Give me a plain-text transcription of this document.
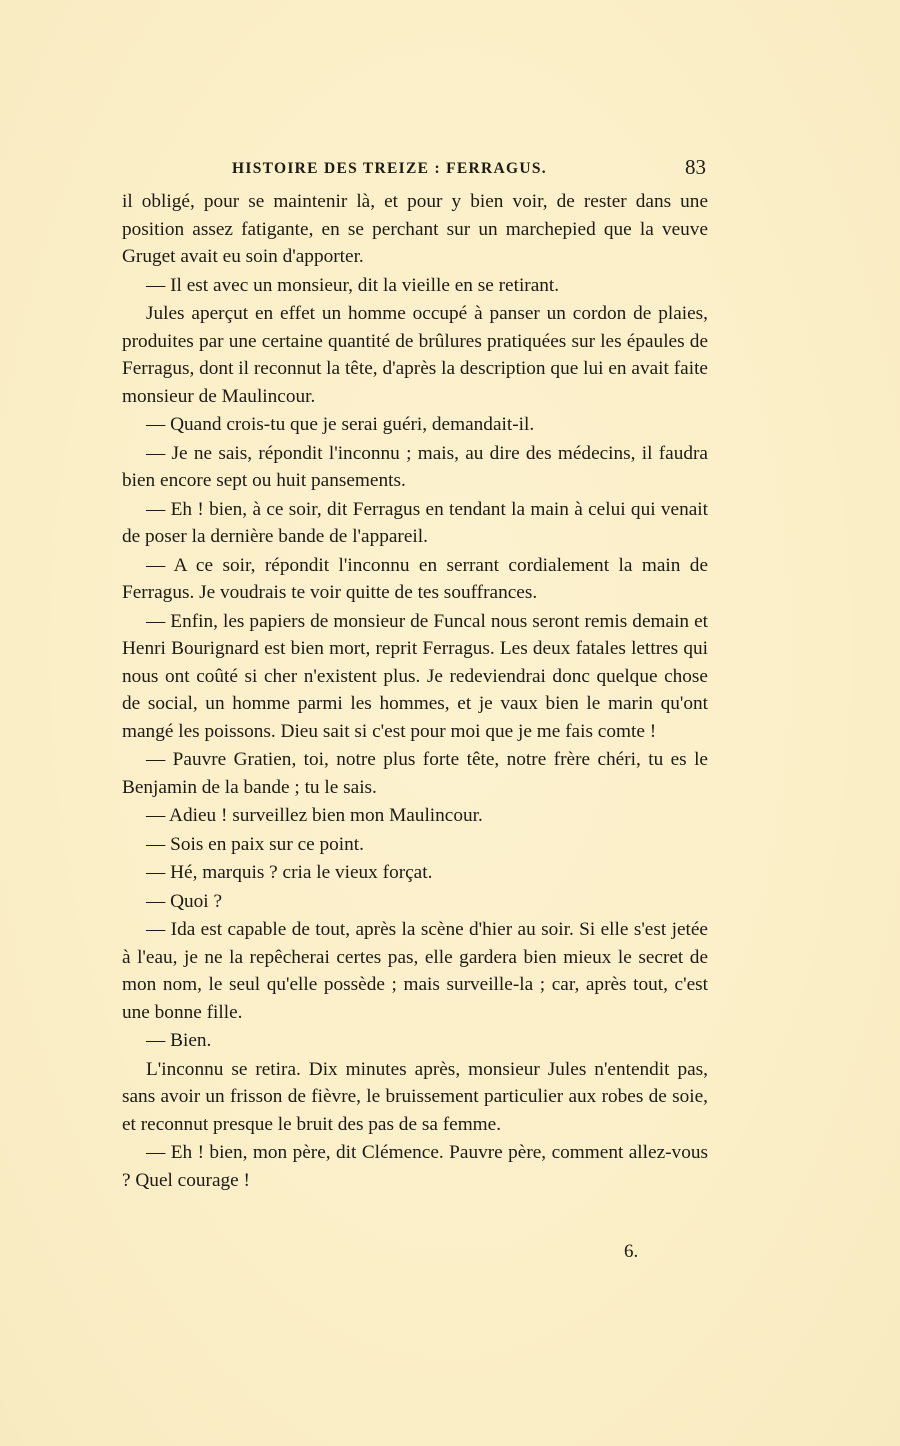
HISTOIRE DES TREIZE : FERRAGUS.	83

il obligé, pour se maintenir là, et pour y bien voir, de rester dans une position assez fatigante, en se perchant sur un marchepied que la veuve Gruget avait eu soin d'apporter.

— Il est avec un monsieur, dit la vieille en se retirant.

Jules aperçut en effet un homme occupé à panser un cordon de plaies, produites par une certaine quantité de brûlures pratiquées sur les épaules de Ferragus, dont il reconnut la tête, d'après la description que lui en avait faite monsieur de Maulincour.

— Quand crois-tu que je serai guéri, demandait-il.

— Je ne sais, répondit l'inconnu ; mais, au dire des médecins, il faudra bien encore sept ou huit pansements.

— Eh ! bien, à ce soir, dit Ferragus en tendant la main à celui qui venait de poser la dernière bande de l'appareil.

— A ce soir, répondit l'inconnu en serrant cordialement la main de Ferragus. Je voudrais te voir quitte de tes souffrances.

— Enfin, les papiers de monsieur de Funcal nous seront remis demain et Henri Bourignard est bien mort, reprit Ferragus. Les deux fatales lettres qui nous ont coûté si cher n'existent plus. Je redeviendrai donc quelque chose de social, un homme parmi les hommes, et je vaux bien le marin qu'ont mangé les poissons. Dieu sait si c'est pour moi que je me fais comte !

— Pauvre Gratien, toi, notre plus forte tête, notre frère chéri, tu es le Benjamin de la bande ; tu le sais.

— Adieu ! surveillez bien mon Maulincour.

— Sois en paix sur ce point.

— Hé, marquis ? cria le vieux forçat.

— Quoi ?

— Ida est capable de tout, après la scène d'hier au soir. Si elle s'est jetée à l'eau, je ne la repêcherai certes pas, elle gardera bien mieux le secret de mon nom, le seul qu'elle possède ; mais surveille-la ; car, après tout, c'est une bonne fille.

— Bien.

L'inconnu se retira. Dix minutes après, monsieur Jules n'entendit pas, sans avoir un frisson de fièvre, le bruissement particulier aux robes de soie, et reconnut presque le bruit des pas de sa femme.

— Eh ! bien, mon père, dit Clémence. Pauvre père, comment allez-vous ? Quel courage !

6.
